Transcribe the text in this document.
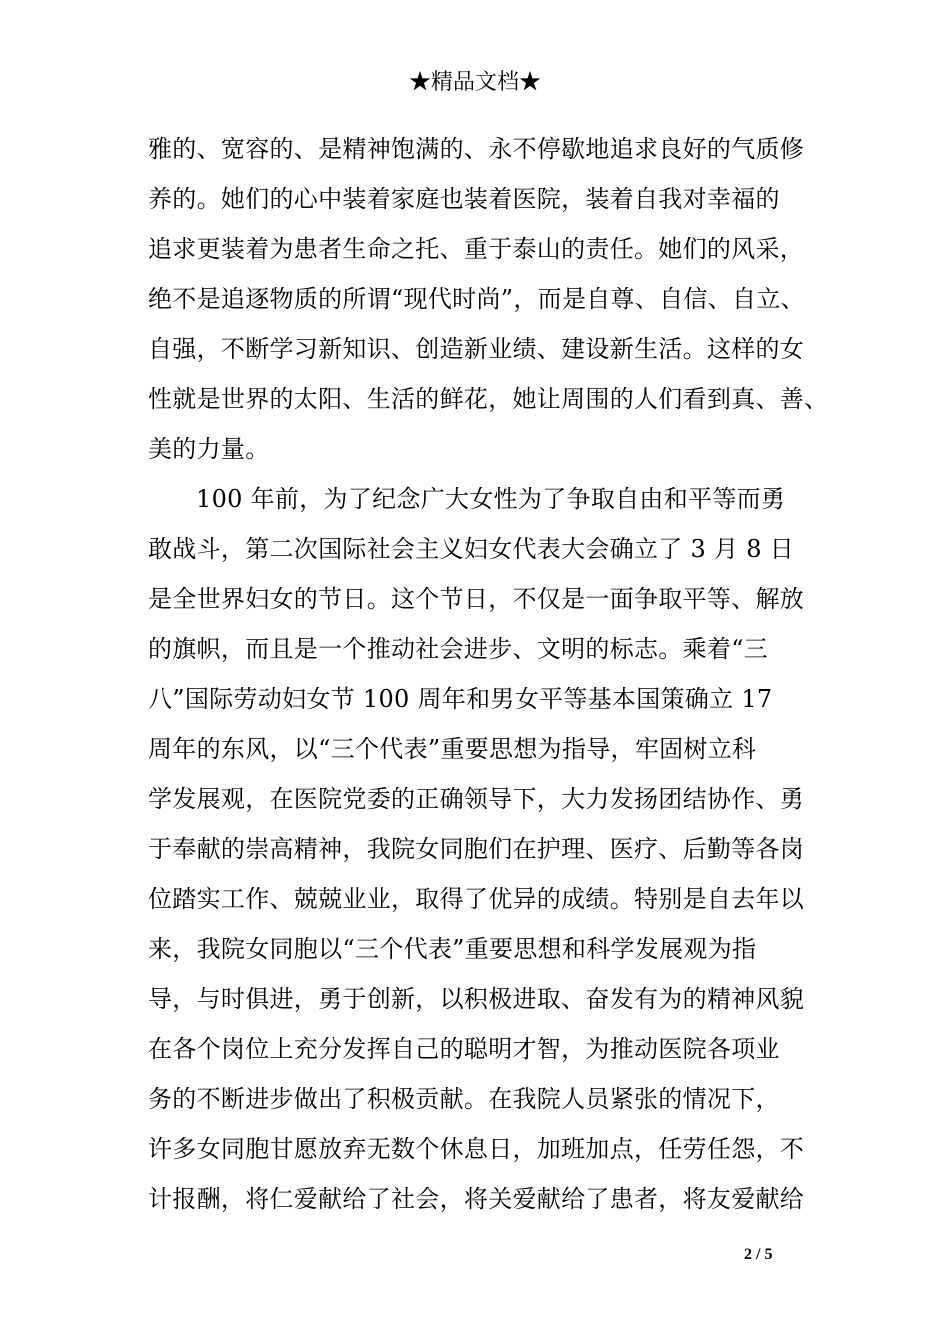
★精品文档★
雅的、宽容的、是精神饱满的、永不停歇地追求良好的气质修
养的。她们的心中装着家庭也装着医院，装着自我对幸福的
追求更装着为患者生命之托、重于泰山的责任。她们的风采，
绝不是追逐物质的所谓“现代时尚”，而是自尊、自信、自立、
自强，不断学习新知识、创造新业绩、建设新生活。这样的女
性就是世界的太阳、生活的鲜花，她让周围的人们看到真、善、
美的力量。
100 年前，为了纪念广大女性为了争取自由和平等而勇
敢战斗，第二次国际社会主义妇女代表大会确立了 3 月 8 日
是全世界妇女的节日。这个节日，不仅是一面争取平等、解放
的旗帜，而且是一个推动社会进步、文明的标志。乘着“三
八”国际劳动妇女节 100 周年和男女平等基本国策确立 17
周年的东风，以“三个代表”重要思想为指导，牢固树立科
学发展观，在医院党委的正确领导下，大力发扬团结协作、勇
于奉献的崇高精神，我院女同胞们在护理、医疗、后勤等各岗
位踏实工作、兢兢业业，取得了优异的成绩。特别是自去年以
来，我院女同胞以“三个代表”重要思想和科学发展观为指
导，与时俱进，勇于创新，以积极进取、奋发有为的精神风貌
在各个岗位上充分发挥自己的聪明才智，为推动医院各项业
务的不断进步做出了积极贡献。在我院人员紧张的情况下，
许多女同胞甘愿放弃无数个休息日，加班加点，任劳任怨，不
计报酬，将仁爱献给了社会，将关爱献给了患者，将友爱献给
2 / 5
